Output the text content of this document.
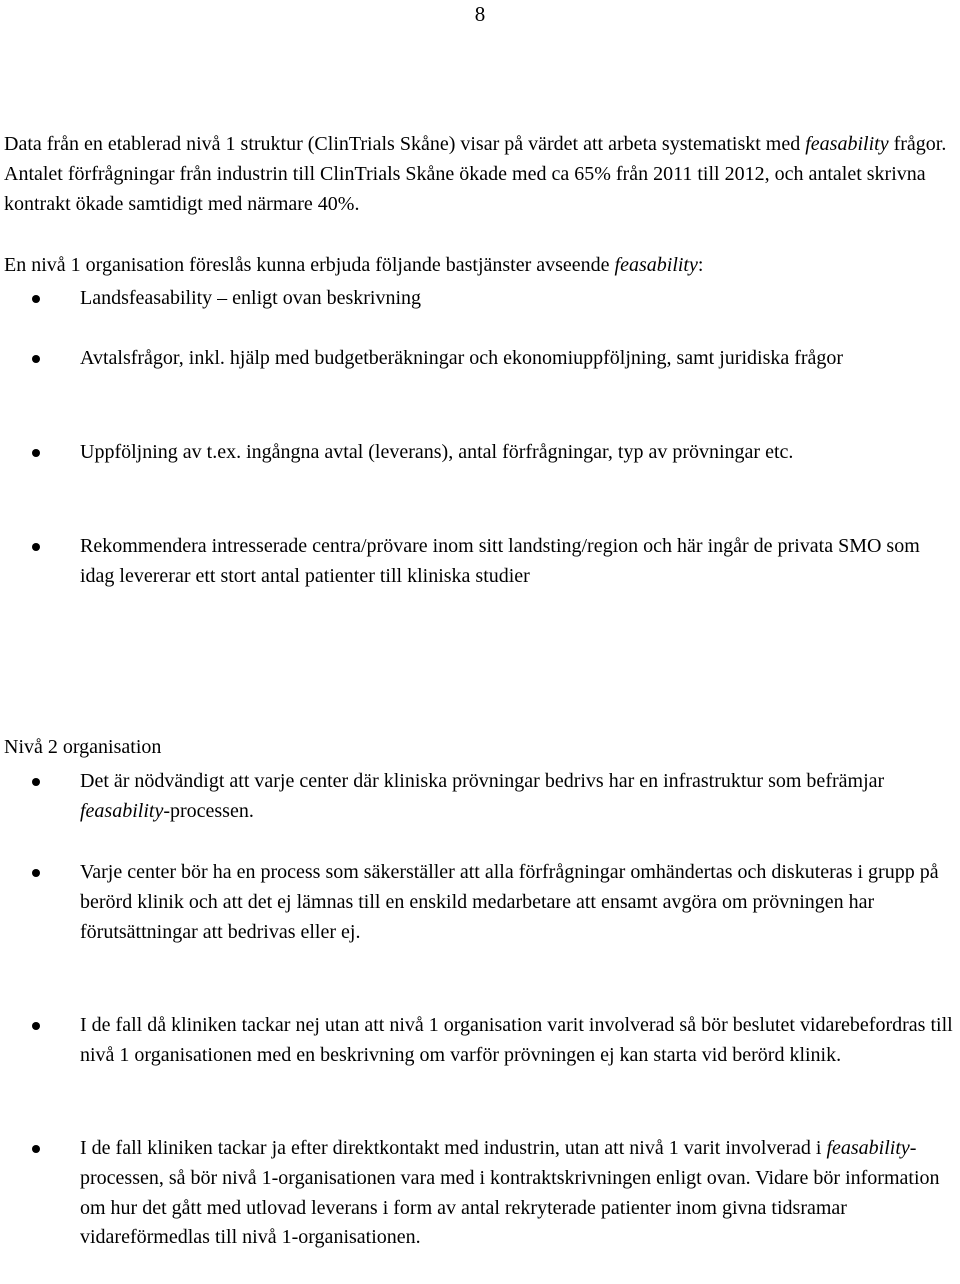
8

Data från en etablerad nivå 1 struktur (ClinTrials Skåne) visar på värdet att arbeta systematiskt med feasability frågor. Antalet förfrågningar från industrin till ClinTrials Skåne ökade med ca 65% från 2011 till 2012, och antalet skrivna kontrakt ökade samtidigt med närmare 40%.

En nivå 1 organisation föreslås kunna erbjuda följande bastjänster avseende feasability:

Landsfeasability – enligt ovan beskrivning
Avtalsfrågor, inkl. hjälp med budgetberäkningar och ekonomiuppföljning, samt juridiska frågor
Uppföljning av t.ex. ingångna avtal (leverans), antal förfrågningar, typ av prövningar etc.
Rekommendera intresserade centra/prövare inom sitt landsting/region och här ingår de privata SMO som idag levererar ett stort antal patienter till kliniska studier

Nivå 2 organisation

Det är nödvändigt att varje center där kliniska prövningar bedrivs har en infrastruktur som befrämjar feasability-processen.
Varje center bör ha en process som säkerställer att alla förfrågningar omhändertas och diskuteras i grupp på berörd klinik och att det ej lämnas till en enskild medarbetare att ensamt avgöra om prövningen har förutsättningar att bedrivas eller ej.
I de fall då kliniken tackar nej utan att nivå 1 organisation varit involverad så bör beslutet vidarebefordras till nivå 1 organisationen med en beskrivning om varför prövningen ej kan starta vid berörd klinik.
I de fall kliniken tackar ja efter direktkontakt med industrin, utan att nivå 1 varit involverad i feasability-processen, så bör nivå 1-organisationen vara med i kontraktskrivningen enligt ovan. Vidare bör information om hur det gått med utlovad leverans i form av antal rekryterade patienter inom givna tidsramar vidareförmedlas till nivå 1-organisationen.
